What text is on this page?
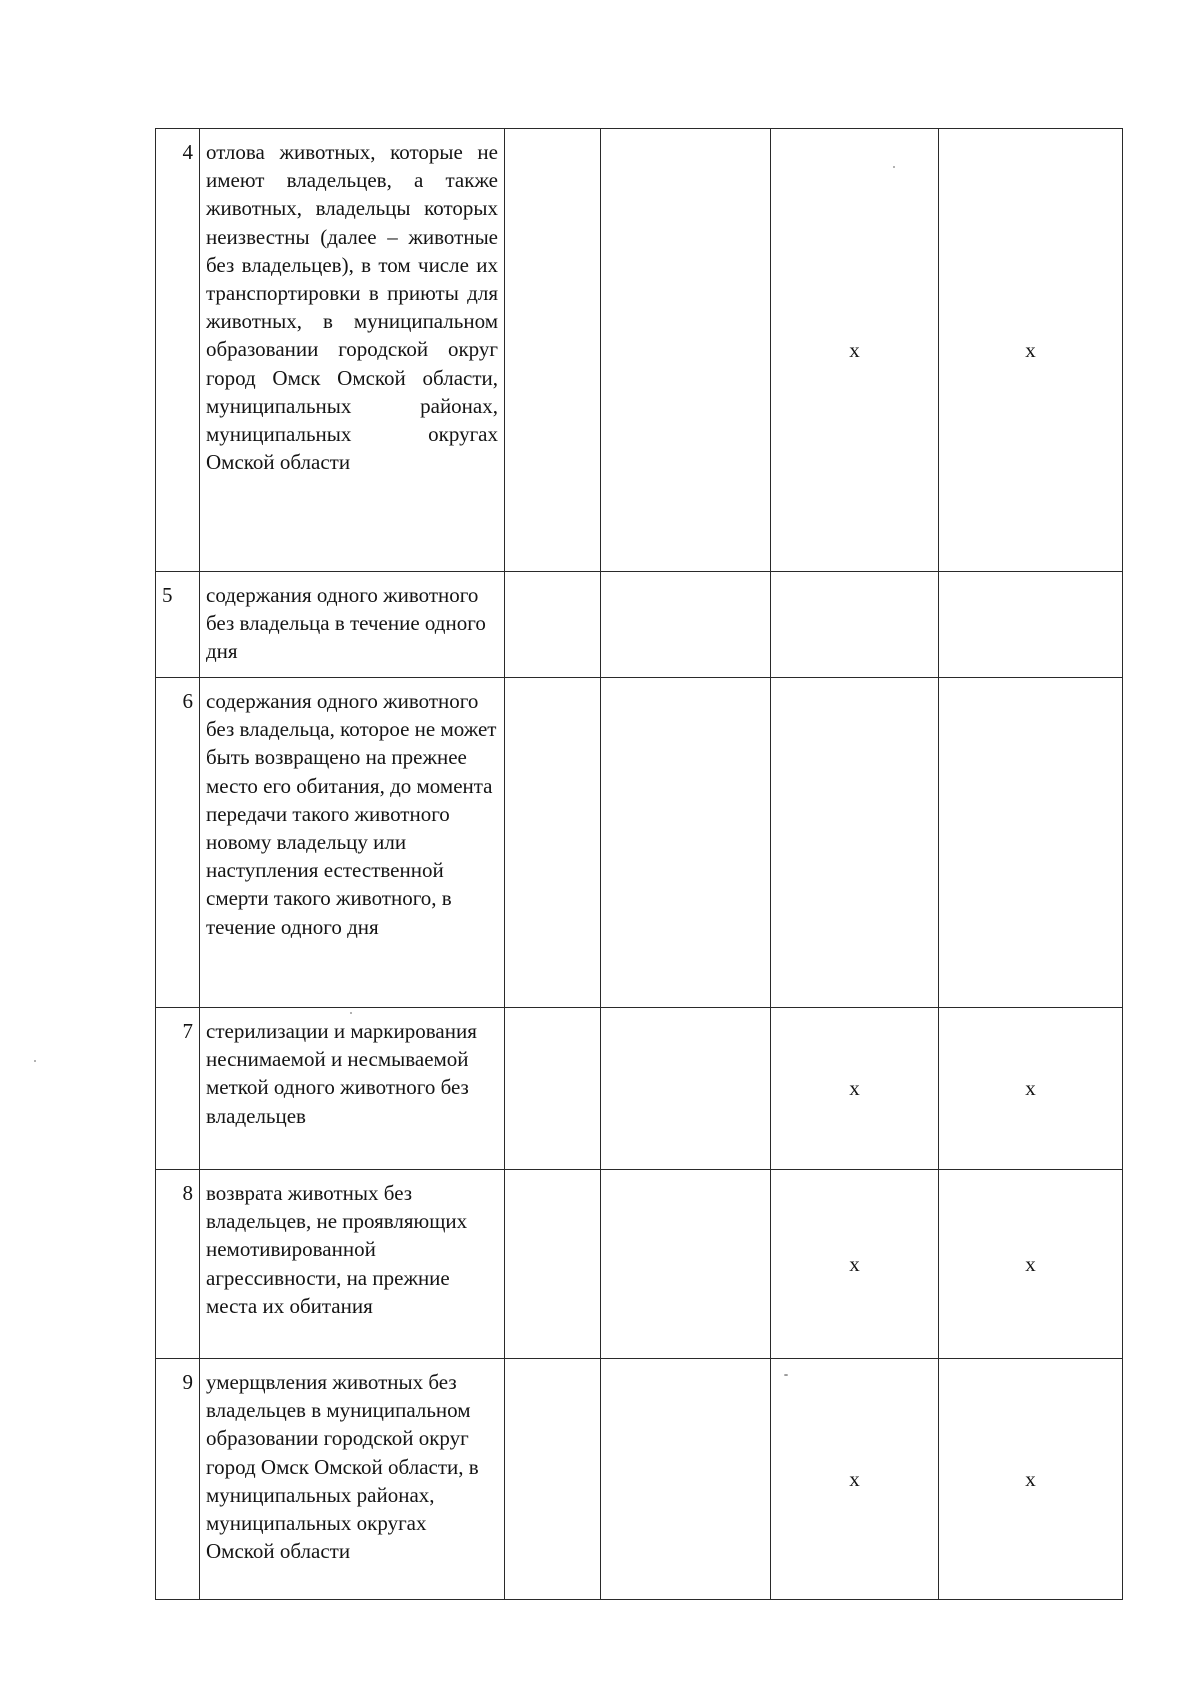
4	отлова животных, которые не имеют владельцев, а также животных, владельцы которых неизвестны (далее – животные без владельцев), в том числе их транспортировки в приюты для животных, в муниципальном образовании городской округ город Омск Омской области, муниципальных районах, муниципальных округах Омской области			х	х
5	содержания одного животного без владельца в течение одного дня				
6	содержания одного животного без владельца, которое не может быть возвращено на прежнее место его обитания, до момента передачи такого животного новому владельцу или наступления естественной смерти такого животного, в течение одного дня				
7	стерилизации и маркирования неснимаемой и несмываемой меткой одного животного без владельцев			х	х
8	возврата животных без владельцев, не проявляющих немотивированной агрессивности, на прежние места их обитания			х	х
9	умерщвления животных без владельцев в муниципальном образовании городской округ город Омск Омской области, в муниципальных районах, муниципальных округах Омской области			х	х
